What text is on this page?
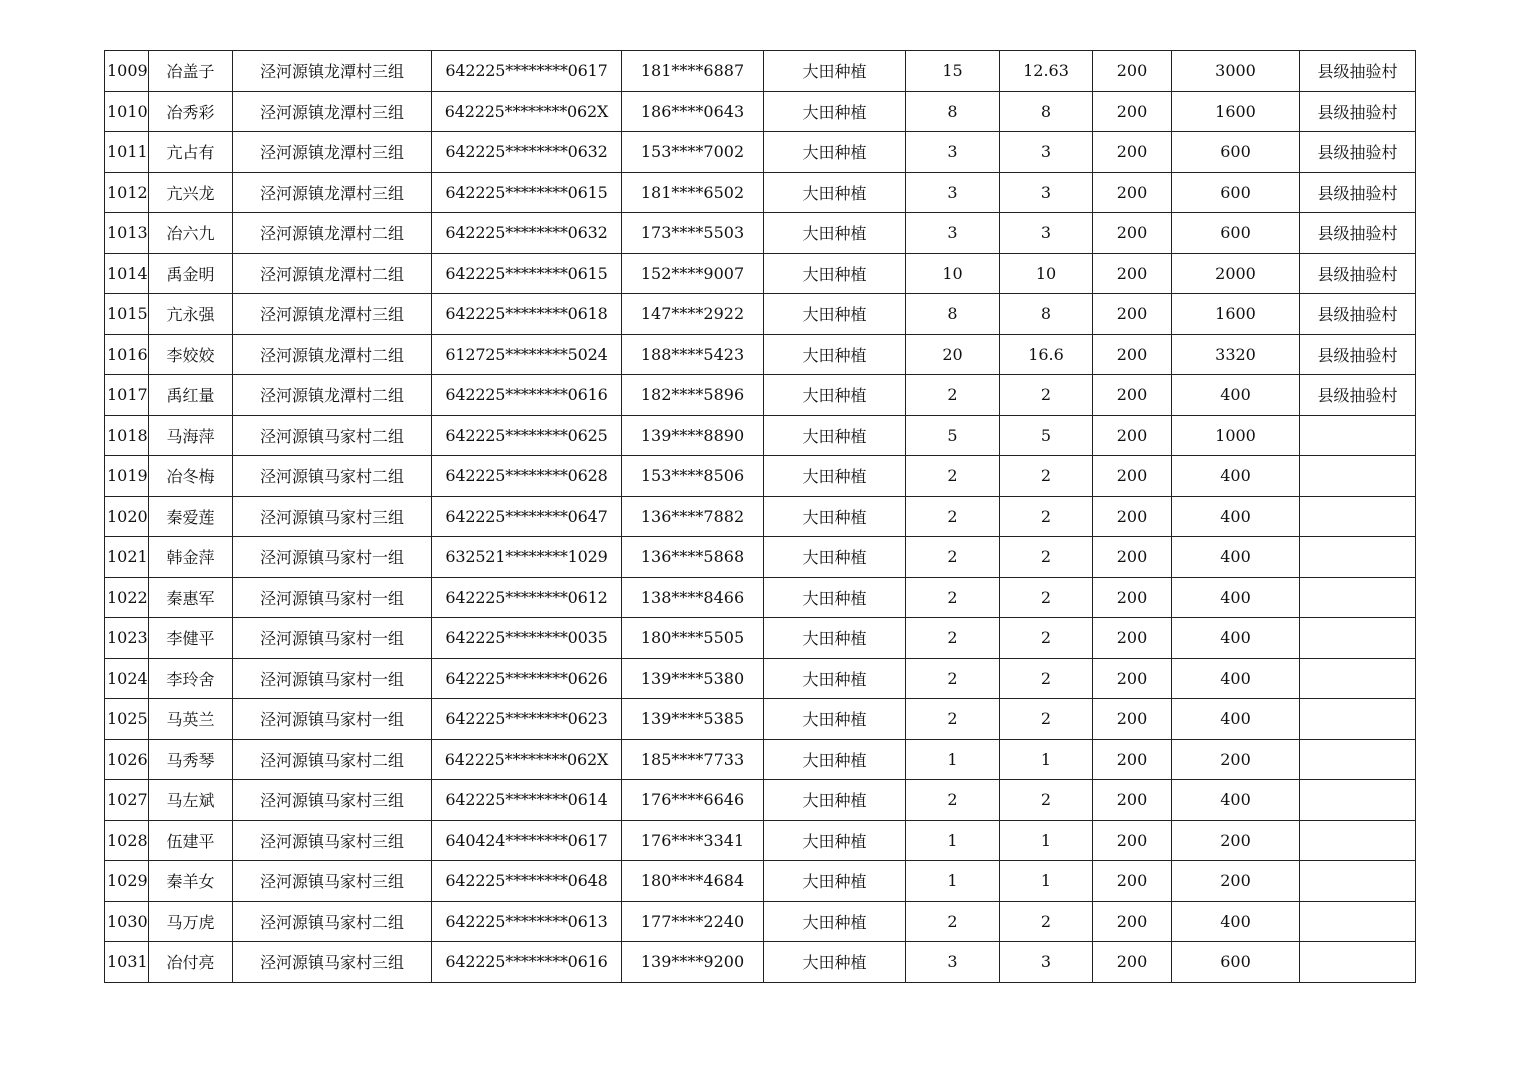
1009	冶盖子	泾河源镇龙潭村三组	642225********0617	181****6887	大田种植	15	12.63	200	3000	县级抽验村
1010	冶秀彩	泾河源镇龙潭村三组	642225********062X	186****0643	大田种植	8	8	200	1600	县级抽验村
1011	亢占有	泾河源镇龙潭村三组	642225********0632	153****7002	大田种植	3	3	200	600	县级抽验村
1012	亢兴龙	泾河源镇龙潭村三组	642225********0615	181****6502	大田种植	3	3	200	600	县级抽验村
1013	冶六九	泾河源镇龙潭村二组	642225********0632	173****5503	大田种植	3	3	200	600	县级抽验村
1014	禹金明	泾河源镇龙潭村二组	642225********0615	152****9007	大田种植	10	10	200	2000	县级抽验村
1015	亢永强	泾河源镇龙潭村三组	642225********0618	147****2922	大田种植	8	8	200	1600	县级抽验村
1016	李姣姣	泾河源镇龙潭村二组	612725********5024	188****5423	大田种植	20	16.6	200	3320	县级抽验村
1017	禹红量	泾河源镇龙潭村二组	642225********0616	182****5896	大田种植	2	2	200	400	县级抽验村
1018	马海萍	泾河源镇马家村二组	642225********0625	139****8890	大田种植	5	5	200	1000	
1019	冶冬梅	泾河源镇马家村二组	642225********0628	153****8506	大田种植	2	2	200	400	
1020	秦爱莲	泾河源镇马家村三组	642225********0647	136****7882	大田种植	2	2	200	400	
1021	韩金萍	泾河源镇马家村一组	632521********1029	136****5868	大田种植	2	2	200	400	
1022	秦惠军	泾河源镇马家村一组	642225********0612	138****8466	大田种植	2	2	200	400	
1023	李健平	泾河源镇马家村一组	642225********0035	180****5505	大田种植	2	2	200	400	
1024	李玲舍	泾河源镇马家村一组	642225********0626	139****5380	大田种植	2	2	200	400	
1025	马英兰	泾河源镇马家村一组	642225********0623	139****5385	大田种植	2	2	200	400	
1026	马秀琴	泾河源镇马家村二组	642225********062X	185****7733	大田种植	1	1	200	200	
1027	马左斌	泾河源镇马家村三组	642225********0614	176****6646	大田种植	2	2	200	400	
1028	伍建平	泾河源镇马家村三组	640424********0617	176****3341	大田种植	1	1	200	200	
1029	秦羊女	泾河源镇马家村三组	642225********0648	180****4684	大田种植	1	1	200	200	
1030	马万虎	泾河源镇马家村二组	642225********0613	177****2240	大田种植	2	2	200	400	
1031	冶付亮	泾河源镇马家村三组	642225********0616	139****9200	大田种植	3	3	200	600	
